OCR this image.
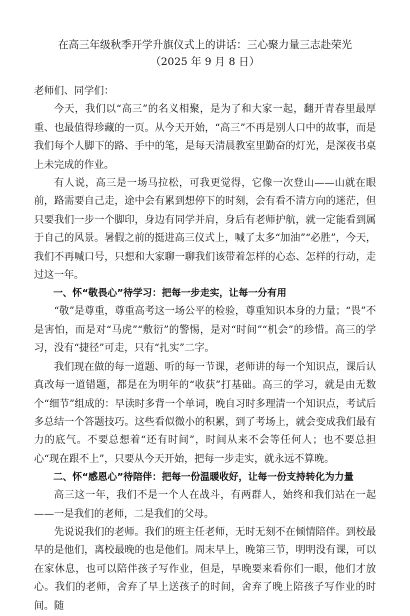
在高三年级秋季开学升旗仪式上的讲话：三心聚力量三志赴荣光
（2025 年 9 月 8 日）

老师们、同学们：

今天，我们以“高三”的名义相聚，是为了和大家一起，翻开青春里最厚重、也最值得珍藏的一页。从今天开始，“高三”不再是别人口中的故事，而是我们每个人脚下的路、手中的笔，是每天清晨教室里勤奋的灯光，是深夜书桌上未完成的作业。

有人说，高三是一场马拉松，可我更觉得，它像一次登山——山就在眼前，路需要自己走，途中会有累到想停下的时刻，会有看不清方向的迷茫，但只要我们一步一个脚印，身边有同学并肩，身后有老师护航，就一定能看到属于自己的风景。暑假之前的挺进高三仪式上，喊了太多“加油”“必胜”，今天，我们不再喊口号，只想和大家聊一聊我们该带着怎样的心态、怎样的行动，走过这一年。

一、怀“敬畏心”待学习：把每一步走实，让每一分有用

“敬”是尊重，尊重高考这一场公平的检验，尊重知识本身的力量；“畏”不是害怕，而是对“马虎”“敷衍”的警惕，是对“时间”“机会”的珍惜。高三的学习，没有“捷径”可走，只有“扎实”二字。

我们现在做的每一道题、听的每一节课，老师讲的每一个知识点，课后认真改每一道错题，都是在为明年的“收获”打基础。高三的学习，就是由无数个“细节”组成的：早读时多背一个单词，晚自习时多理清一个知识点，考试后多总结一个答题技巧。这些看似微小的积累，到了考场上，就会变成我们最有力的底气。不要总想着“还有时间”，时间从来不会等任何人；也不要总担心“现在跟不上”，只要从今天开始，把每一步走实，就永远不算晚。

二、怀“感恩心”待陪伴：把每一份温暖收好，让每一份支持转化为力量

高三这一年，我们不是一个人在战斗，有两群人，始终和我们站在一起——一是我们的老师，二是我们的父母。

先说说我们的老师。我们的班主任老师，无时无刻不在倾情陪伴。到校最早的是他们，离校最晚的也是他们。周末早上，晚第三节，明明没有课，可以在家休息，也可以陪伴孩子写作业，但是，早晚要来看你们一眼，他们才放心。我们的老师，舍弃了早上送孩子的时间，舍弃了晚上陪孩子写作业的时间。随
